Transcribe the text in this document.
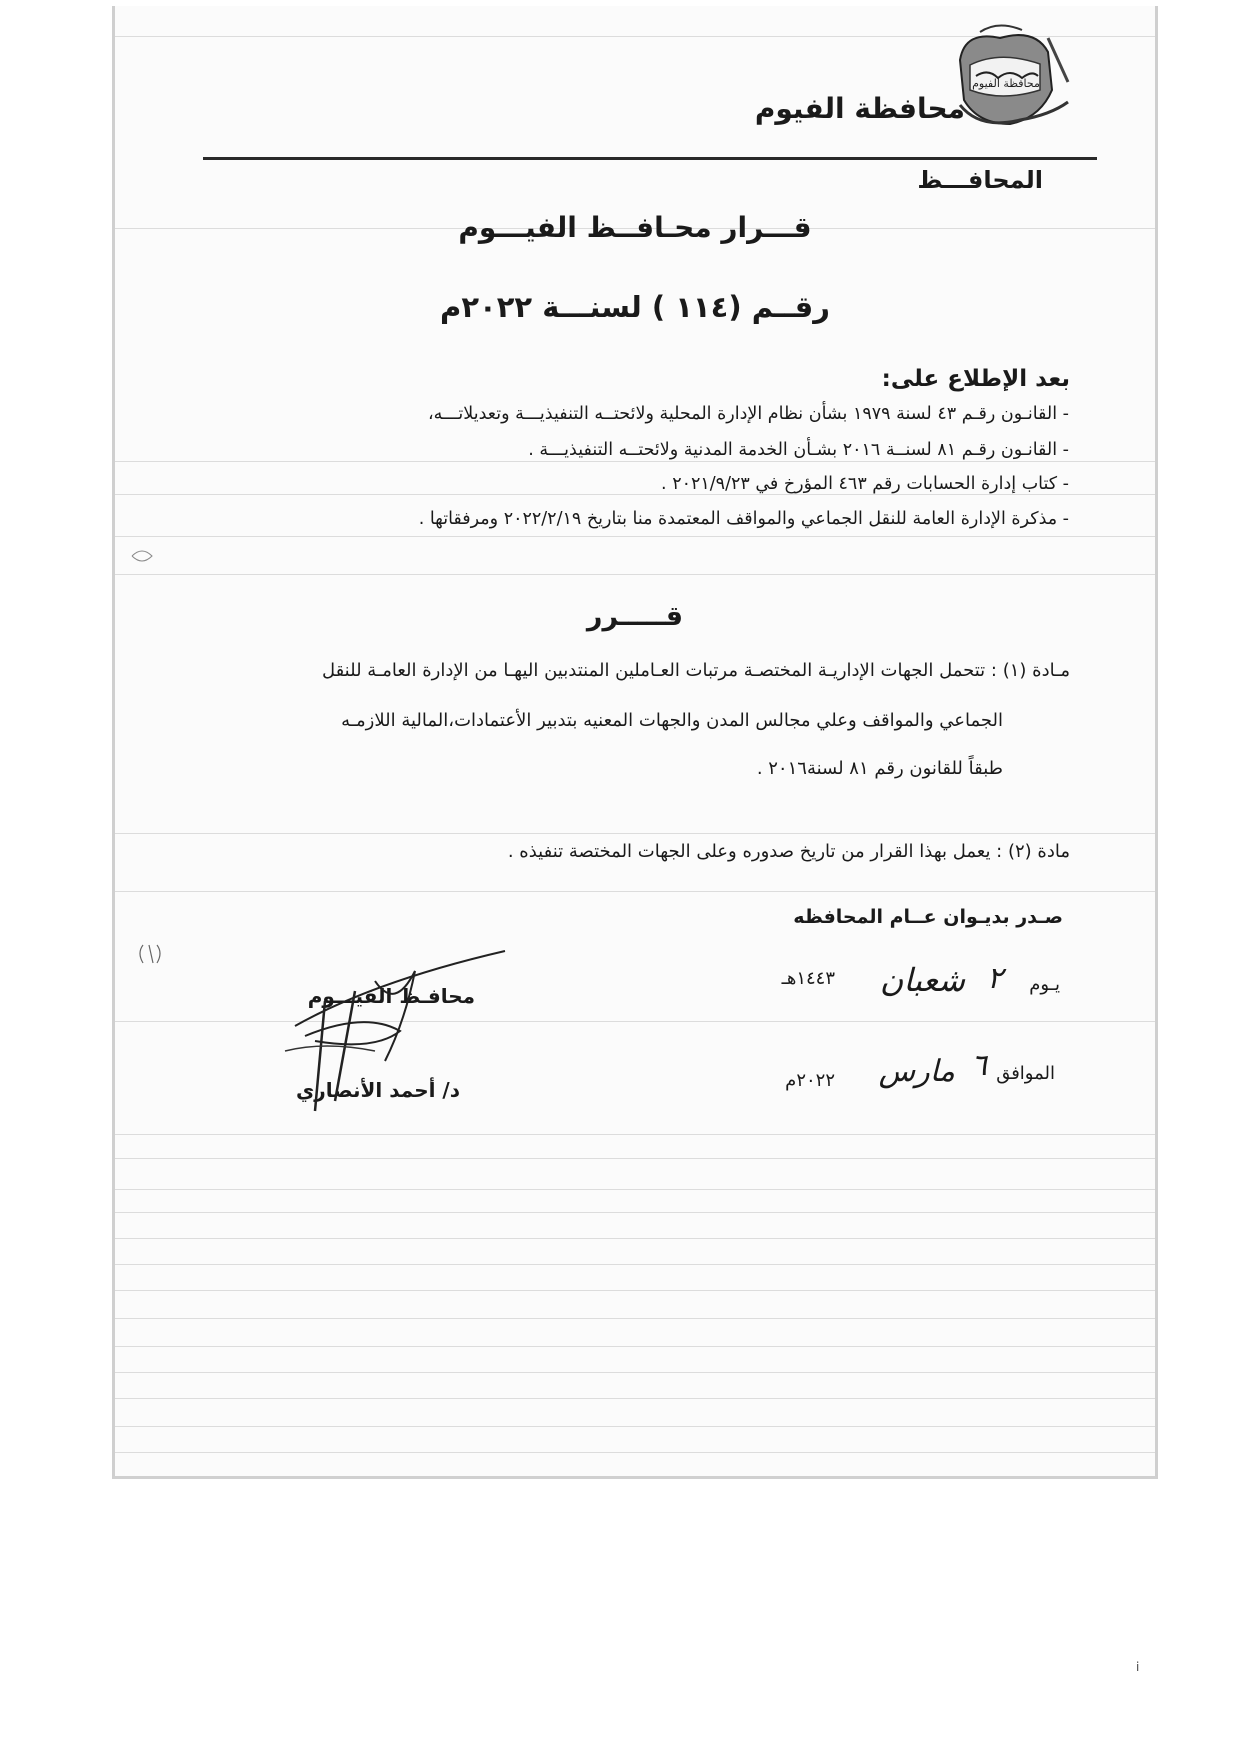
محافظة الفيوم
محافظة الفيوم
المحافـــظ
قـــرار محـافــظ الفيـــوم
رقــم (١١٤ ) لسنـــة ٢٠٢٢م
بعد الإطلاع على:
- القانـون رقـم ٤٣ لسنة ١٩٧٩ بشأن نظام الإدارة المحلية ولائحتــه التنفيذيـــة وتعديلاتـــه،
- القانـون رقـم ٨١ لسنــة ٢٠١٦ بشـأن الخدمة المدنية ولائحتــه التنفيذيـــة .
- كتاب إدارة الحسابات رقم ٤٦٣ المؤرخ في ٢٠٢١/٩/٢٣ .
- مذكرة الإدارة العامة للنقل الجماعي والمواقف المعتمدة منا بتاريخ ٢٠٢٢/٢/١٩ ومرفقاتها .
قـــــرر
مـادة (١) : تتحمل الجهات الإداريـة المختصـة مرتبات العـاملين المنتدبين اليهـا من الإدارة العامـة للنقل
الجماعي والمواقف وعلي مجالس المدن والجهات المعنيه بتدبير الأعتمادات،المالية اللازمـه
طبقاً للقانون رقم ٨١ لسنة٢٠١٦ .
مادة (٢) : يعمل بهذا القرار من تاريخ صدوره وعلى الجهات المختصة تنفيذه .
صـدر بديـوان عــام المحافظه
يـوم
٢
شعبان
١٤٤٣هـ
الموافق
٦
مارس
٢٠٢٢م
محافـظ الفيـــوم
د/ أحمد الأنصاري
i
